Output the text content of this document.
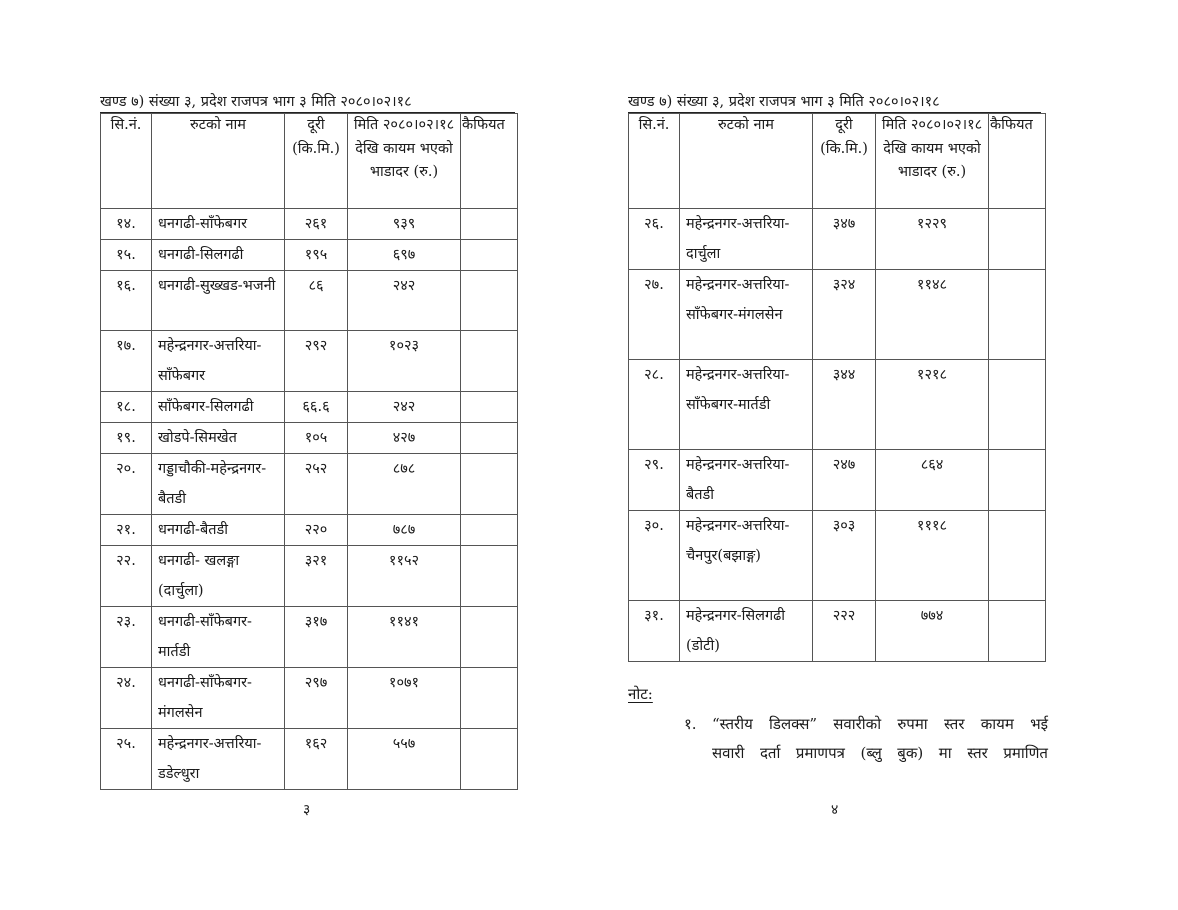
खण्ड ७) संख्या ३, प्रदेश राजपत्र भाग ३ मिति २०८०।०२।१८
सि.नं.	रुटको नाम	दूरी (कि.मि.)	मिति २०८०।०२।१८ देखि कायम भएको भाडादर (रु.)	कैफियत
१४.	धनगढी-साँफेबगर	२६१	९३९	
१५.	धनगढी-सिलगढी	१९५	६९७	
१६.	धनगढी-सुख्खड-भजनी	८६	२४२	
१७.	महेन्द्रनगर-अत्तरिया-साँफेबगर	२९२	१०२३	
१८.	साँफेबगर-सिलगढी	६६.६	२४२	
१९.	खोडपे-सिमखेत	१०५	४२७	
२०.	गड्डाचौकी-महेन्द्रनगर-बैतडी	२५२	८७८	
२१.	धनगढी-बैतडी	२२०	७८७	
२२.	धनगढी- खलङ्गा (दार्चुला)	३२१	११५२	
२३.	धनगढी-साँफेबगर-मार्तडी	३१७	११४१	
२४.	धनगढी-साँफेबगर-मंगलसेन	२९७	१०७१	
२५.	महेन्द्रनगर-अत्तरिया-डडेल्धुरा	१६२	५५७	
३
खण्ड ७) संख्या ३, प्रदेश राजपत्र भाग ३ मिति २०८०।०२।१८
सि.नं.	रुटको नाम	दूरी (कि.मि.)	मिति २०८०।०२।१८ देखि कायम भएको भाडादर (रु.)	कैफियत
२६.	महेन्द्रनगर-अत्तरिया-दार्चुला	३४७	१२२९	
२७.	महेन्द्रनगर-अत्तरिया-साँफेबगर-मंगलसेन	३२४	११४८	
२८.	महेन्द्रनगर-अत्तरिया-साँफेबगर-मार्तडी	३४४	१२१८	
२९.	महेन्द्रनगर-अत्तरिया-बैतडी	२४७	८६४	
३०.	महेन्द्रनगर-अत्तरिया-चैनपुर(बझाङ्ग)	३०३	१११८	
३१.	महेन्द्रनगर-सिलगढी (डोटी)	२२२	७७४	
नोट:
१. “स्तरीय डिलक्स” सवारीको रुपमा स्तर कायम भई
सवारी दर्ता प्रमाणपत्र (ब्लु बुक) मा स्तर प्रमाणित
४
